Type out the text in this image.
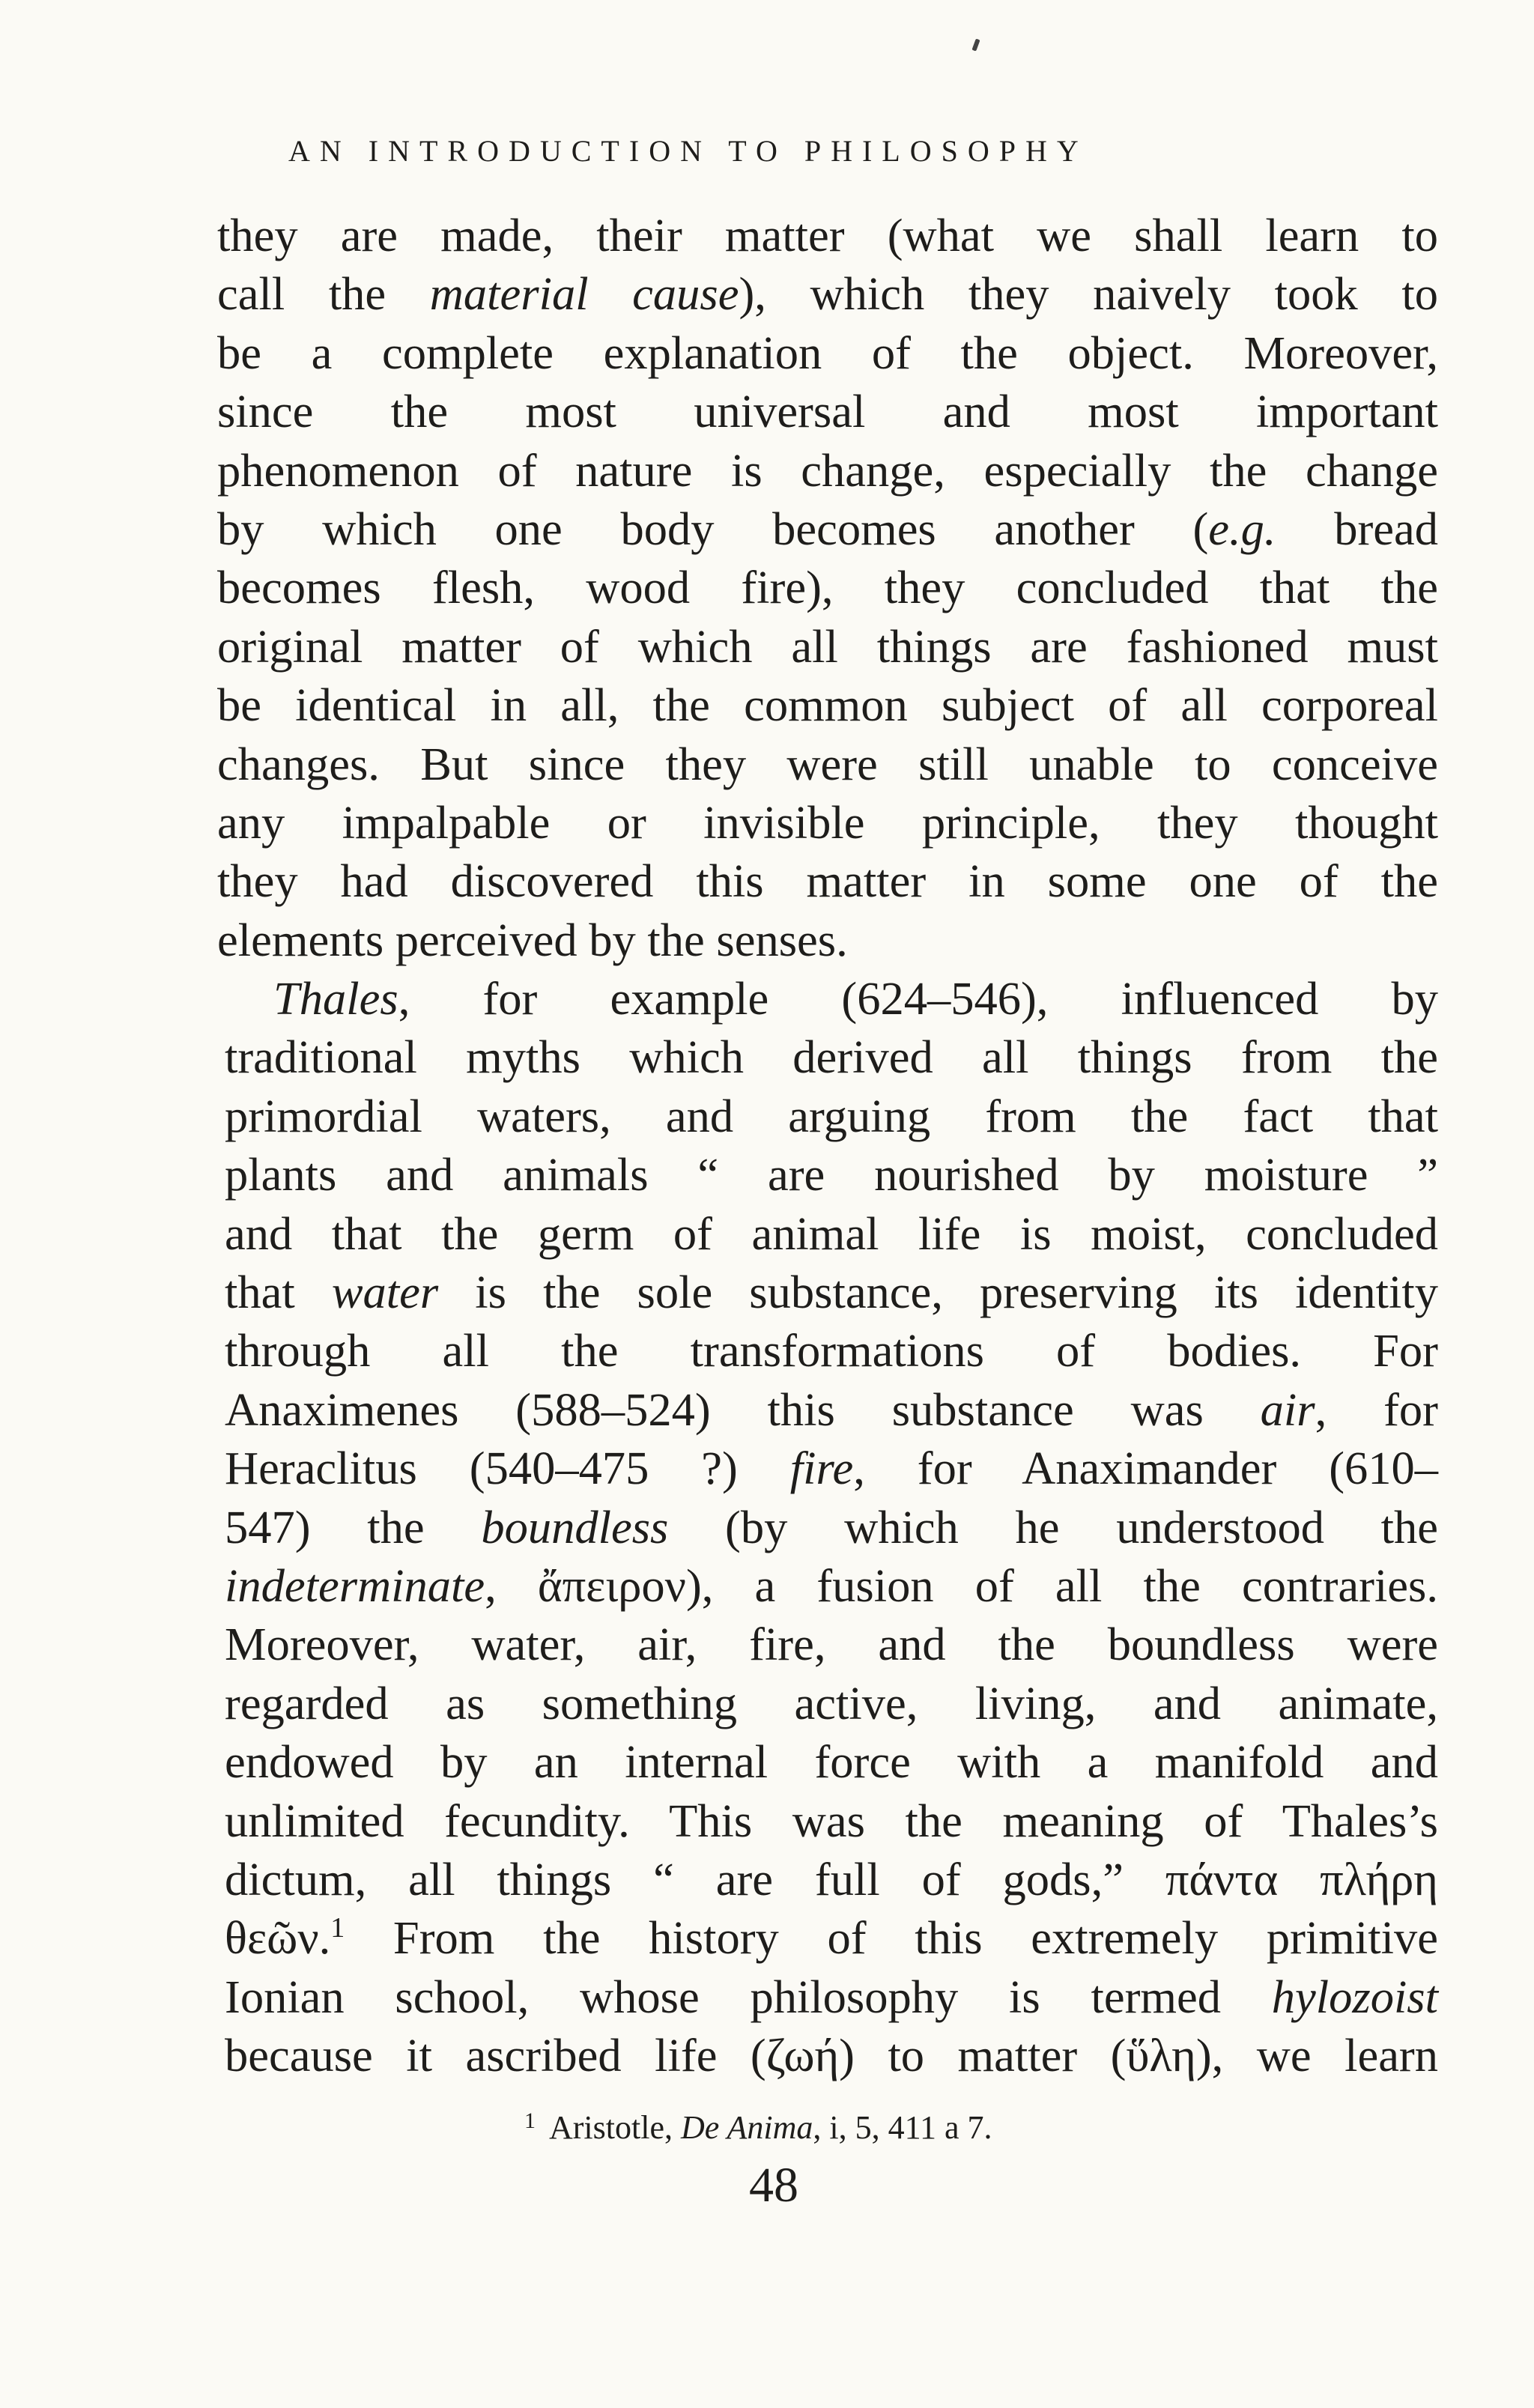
AN INTRODUCTION TO PHILOSOPHY
they are made, their matter (what we shall learn to
call the material cause), which they naively took to
be a complete explanation of the object. Moreover,
since the most universal and most important
phenomenon of nature is change, especially the change
by which one body becomes another (e.g. bread
becomes flesh, wood fire), they concluded that the
original matter of which all things are fashioned must
be identical in all, the common subject of all corporeal
changes. But since they were still unable to conceive
any impalpable or invisible principle, they thought
they had discovered this matter in some one of the
elements perceived by the senses.
Thales, for example (624–546), influenced by
traditional myths which derived all things from the
primordial waters, and arguing from the fact that
plants and animals “ are nourished by moisture ”
and that the germ of animal life is moist, concluded
that water is the sole substance, preserving its identity
through all the transformations of bodies. For
Anaximenes (588–524) this substance was air, for
Heraclitus (540–475 ?) fire, for Anaximander (610–
547) the boundless (by which he understood the
indeterminate, ἄπειρον), a fusion of all the contraries.
Moreover, water, air, fire, and the boundless were
regarded as something active, living, and animate,
endowed by an internal force with a manifold and
unlimited fecundity. This was the meaning of Thales’s
dictum, all things “ are full of gods,” πάντα πλήρη
θεῶν.$^1$ From the history of this extremely primitive
Ionian school, whose philosophy is termed hylozoist
because it ascribed life (ζωή) to matter (ὕλη), we learn
$^1$ Aristotle, De Anima, i, 5, 411 a 7.
48
